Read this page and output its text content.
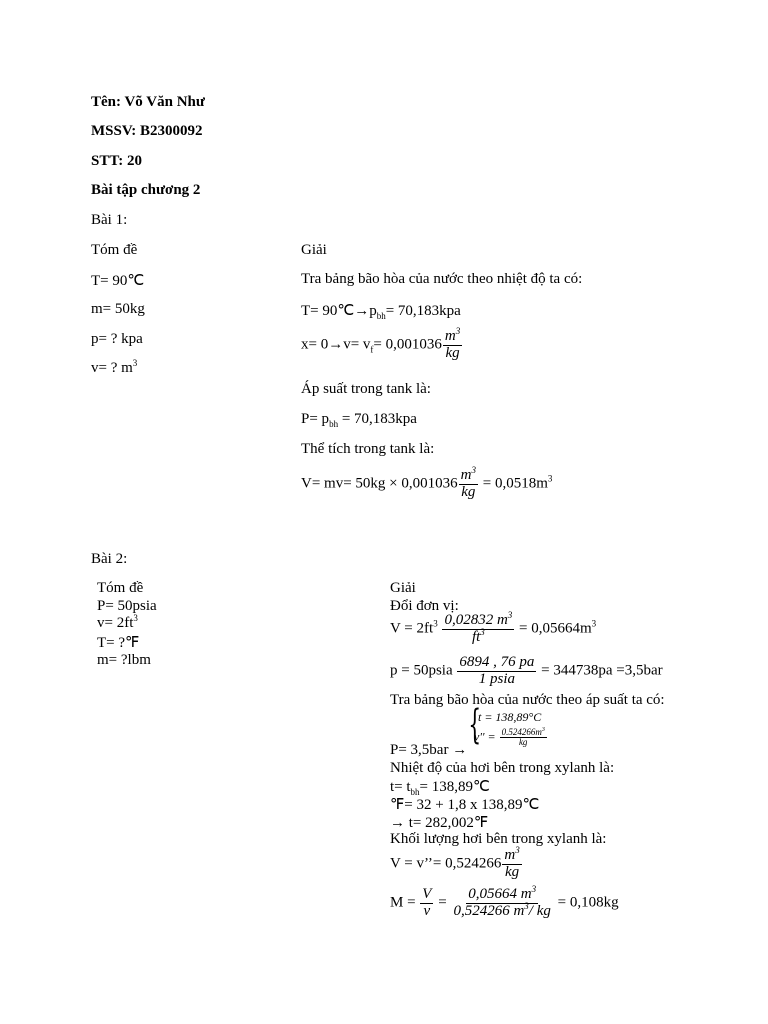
Tên: Võ Văn Như
MSSV: B2300092
STT: 20
Bài tập chương 2
Bài 1:
Tóm đề
T= 90℃
m= 50kg
p= ? kpa
v= ? $m^3$
Giải
Tra bảng bão hòa của nước theo nhiệt độ ta có:
$T= 90℃\to p_{bh}= 70,183kpa$
$x= 0\to v= v_f= 0,001036 \frac{m^3}{kg}$
Áp suất trong tank là:
$P= p_{bh} = 70,183kpa$
Thể tích trong tank là:
$V= mv= 50kg \times 0,001036 \frac{m^3}{kg} = 0,0518m^3$
Bài 2:
Tóm đề
P= 50psia
$v= 2ft^3$
T= ?℉
m= ?lbm
Giải
Đổi đơn vị:
$V = 2ft^3 \frac{0,02832 m^3}{ft^3} = 0,05664m^3$
p = 50psia $\frac{6894 , 76 pa}{\text{1 psia}} = 344738pa =3,5bar$
Tra bảng bão hòa của nước theo áp suất ta có:
P= 3,5bar →
{
t = 138,89°C
$v'' = \frac{0.524266m^3}{kg}$
Nhiệt độ của hơi bên trong xylanh là:
$t= t_{bh}=$ 138,89℃
℉= 32 + 1,8 x 138,89℃
→ t= 282,002℉
Khối lượng hơi bên trong xylanh là:
V = v’’= $0,524266 \frac{m^3}{kg}$
$M = \frac{V}{v} = \frac{0,05664 m^3}{0,524266 m^3/ kg} = 0,108kg$
